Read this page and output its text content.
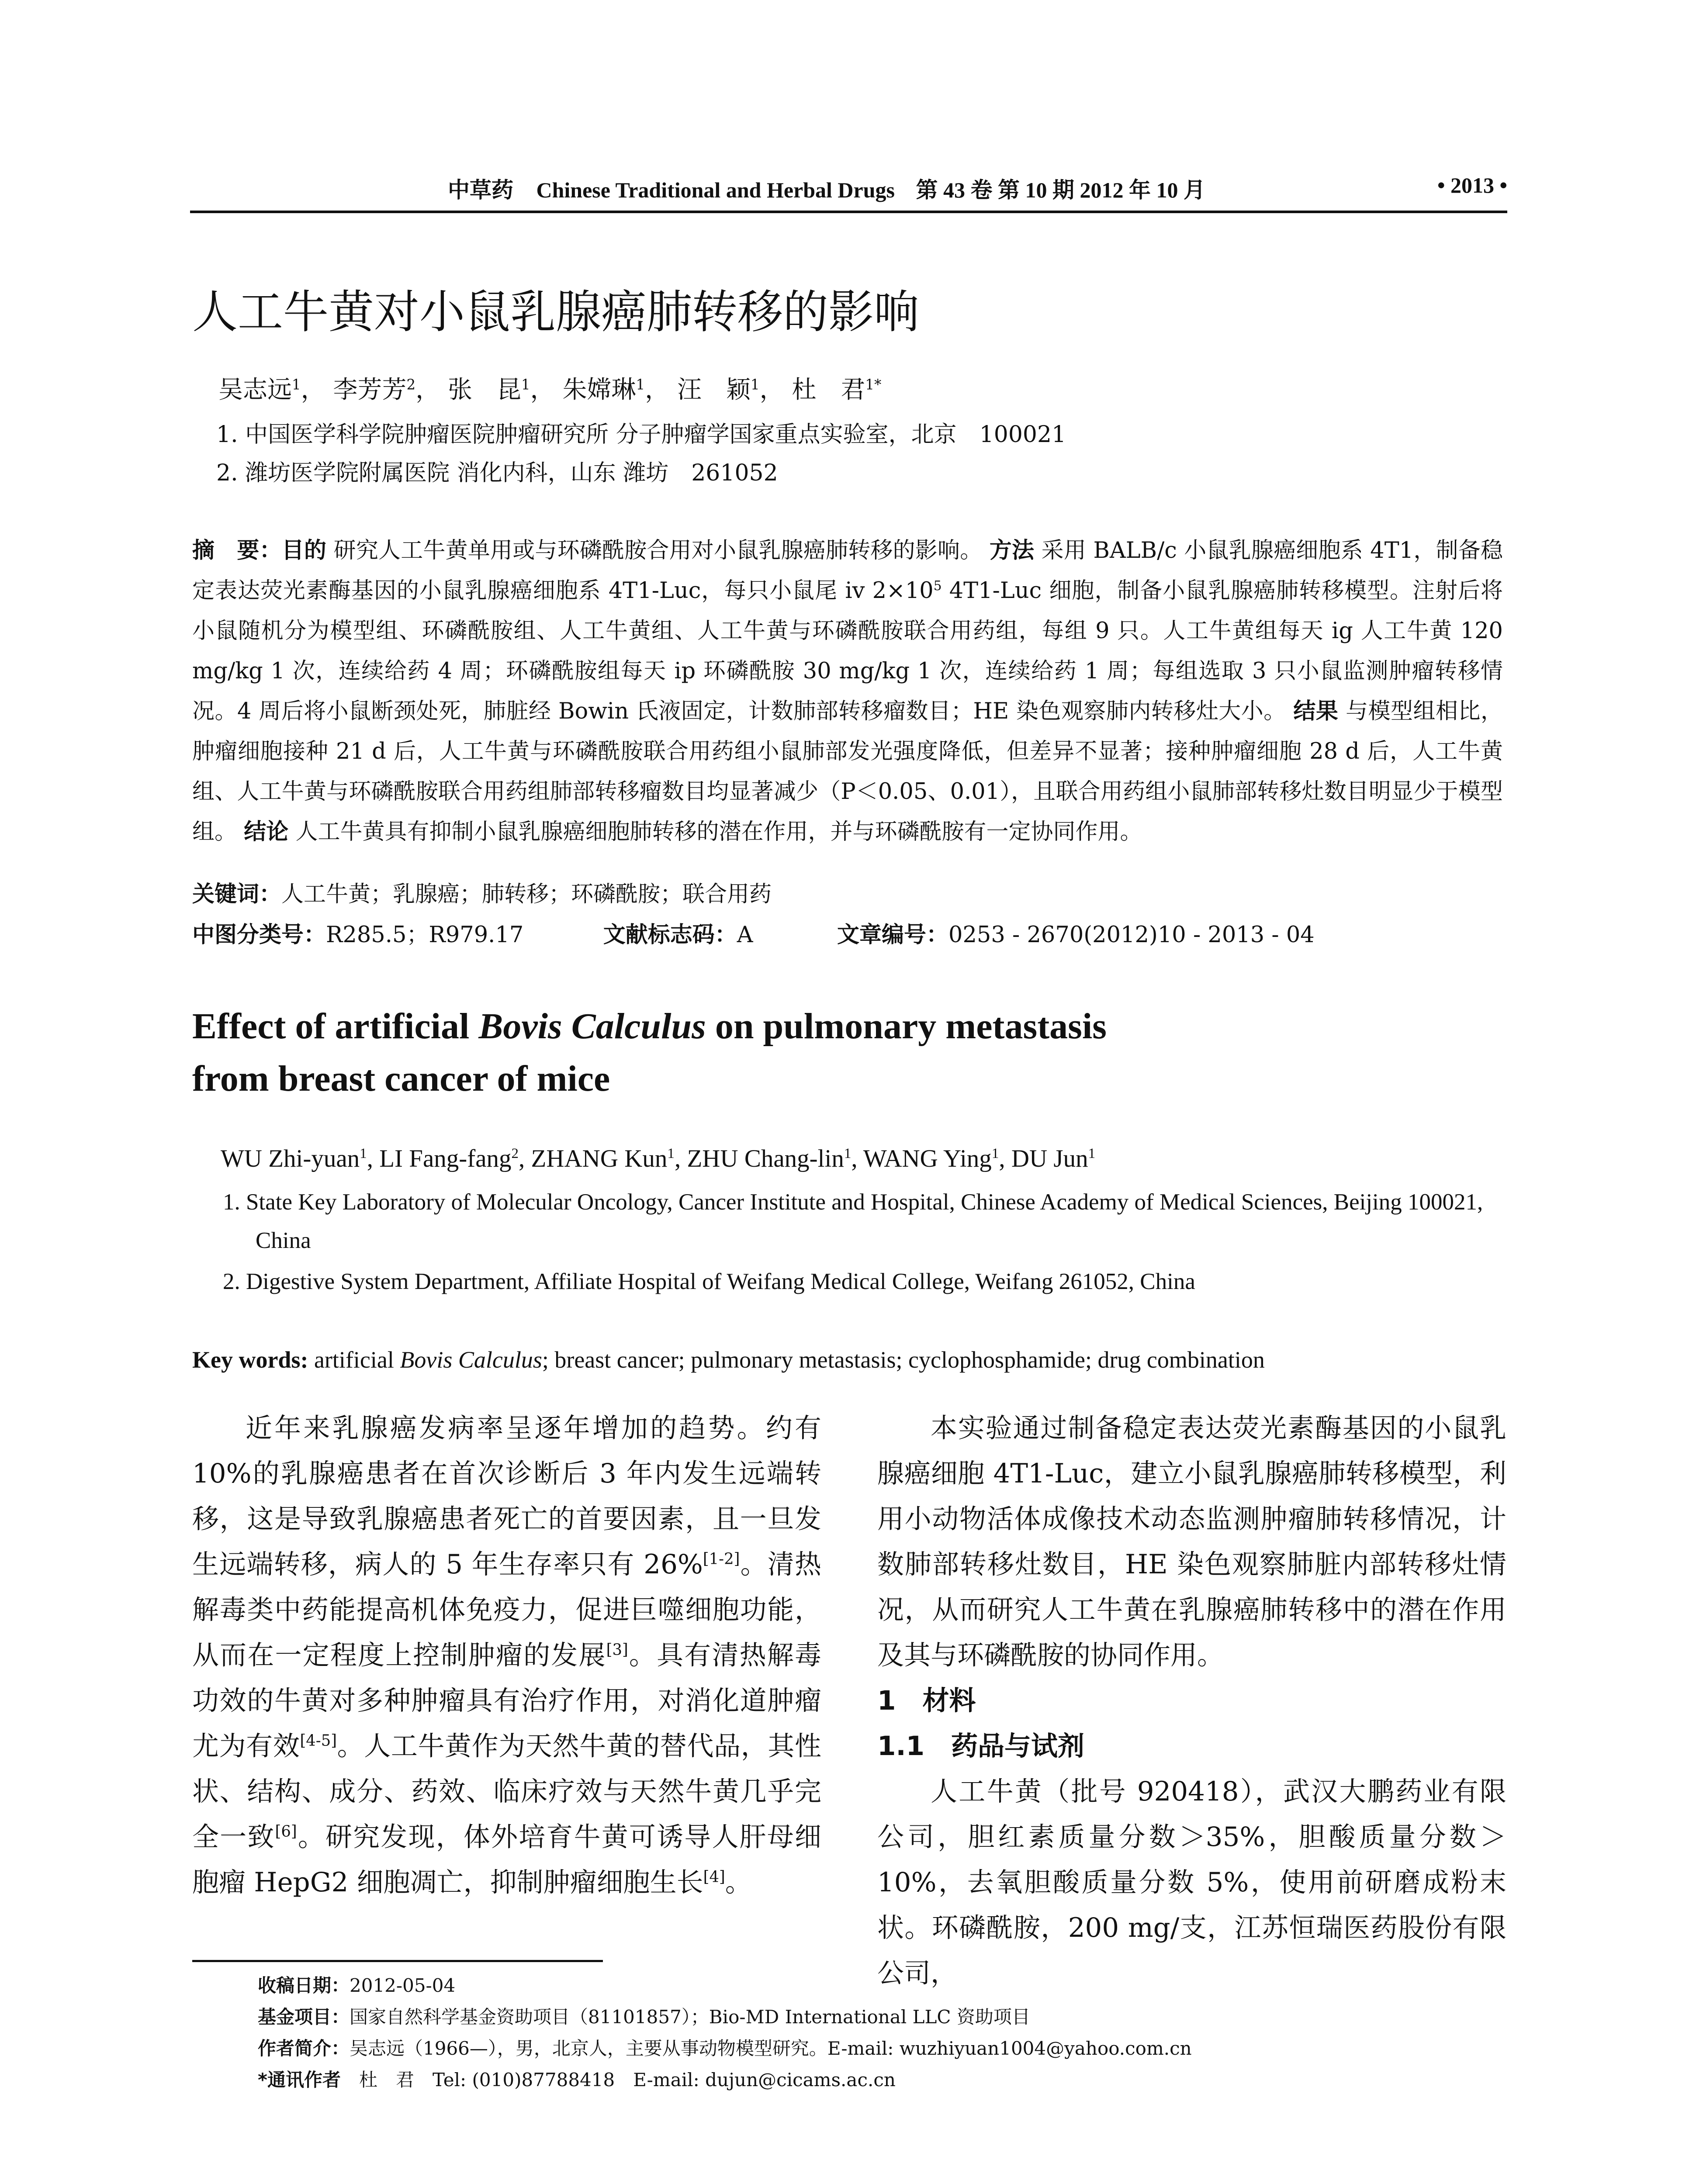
中草药 Chinese Traditional and Herbal Drugs 第 43 卷 第 10 期 2012 年 10 月	• 2013 •
人工牛黄对小鼠乳腺癌肺转移的影响
吴志远$^1$， 李芳芳$^2$， 张　昆$^1$， 朱嫦琳$^1$， 汪　颖$^1$， 杜　君$^{1*}$
1. 中国医学科学院肿瘤医院肿瘤研究所 分子肿瘤学国家重点实验室，北京　100021
2. 潍坊医学院附属医院 消化内科，山东 潍坊　261052
摘　要：目的 研究人工牛黄单用或与环磷酰胺合用对小鼠乳腺癌肺转移的影响。 方法 采用 BALB/c 小鼠乳腺癌细胞系 4T1，制备稳定表达荧光素酶基因的小鼠乳腺癌细胞系 4T1-Luc，每只小鼠尾 iv $2\times 10^5$ 4T1-Luc 细胞，制备小鼠乳腺癌肺转移模型。注射后将小鼠随机分为模型组、环磷酰胺组、人工牛黄组、人工牛黄与环磷酰胺联合用药组，每组 9 只。人工牛黄组每天 ig 人工牛黄 120 mg/kg 1 次，连续给药 4 周；环磷酰胺组每天 ip 环磷酰胺 30 mg/kg 1 次，连续给药 1 周；每组选取 3 只小鼠监测肿瘤转移情况。4 周后将小鼠断颈处死，肺脏经 Bowin 氏液固定，计数肺部转移瘤数目；HE 染色观察肺内转移灶大小。 结果 与模型组相比，肿瘤细胞接种 21 d 后，人工牛黄与环磷酰胺联合用药组小鼠肺部发光强度降低，但差异不显著；接种肿瘤细胞 28 d 后，人工牛黄组、人工牛黄与环磷酰胺联合用药组肺部转移瘤数目均显著减少（P＜0.05、0.01），且联合用药组小鼠肺部转移灶数目明显少于模型组。 结论 人工牛黄具有抑制小鼠乳腺癌细胞肺转移的潜在作用，并与环磷酰胺有一定协同作用。
关键词：人工牛黄；乳腺癌；肺转移；环磷酰胺；联合用药
中图分类号：R285.5；R979.17	文献标志码：A	文章编号：0253 - 2670(2012)10 - 2013 - 04
Effect of artificial Bovis Calculus on pulmonary metastasis
from breast cancer of mice
WU Zhi-yuan$^1$, LI Fang-fang$^2$, ZHANG Kun$^1$, ZHU Chang-lin$^1$, WANG Ying$^1$, DU Jun$^1$
1. State Key Laboratory of Molecular Oncology, Cancer Institute and Hospital, Chinese Academy of Medical Sciences, Beijing 100021, China
2. Digestive System Department, Affiliate Hospital of Weifang Medical College, Weifang 261052, China
Key words: artificial Bovis Calculus; breast cancer; pulmonary metastasis; cyclophosphamide; drug combination

近年来乳腺癌发病率呈逐年增加的趋势。约有 10%的乳腺癌患者在首次诊断后 3 年内发生远端转移，这是导致乳腺癌患者死亡的首要因素，且一旦发生远端转移，病人的 5 年生存率只有 26%[1-2]。清热解毒类中药能提高机体免疫力，促进巨噬细胞功能，从而在一定程度上控制肿瘤的发展[3]。具有清热解毒功效的牛黄对多种肿瘤具有治疗作用，对消化道肿瘤尤为有效[4-5]。人工牛黄作为天然牛黄的替代品，其性状、结构、成分、药效、临床疗效与天然牛黄几乎完全一致[6]。研究发现，体外培育牛黄可诱导人肝母细胞瘤 HepG2 细胞凋亡，抑制肿瘤细胞生长[4]。

本实验通过制备稳定表达荧光素酶基因的小鼠乳腺癌细胞 4T1-Luc，建立小鼠乳腺癌肺转移模型，利用小动物活体成像技术动态监测肿瘤肺转移情况，计数肺部转移灶数目，HE 染色观察肺脏内部转移灶情况，从而研究人工牛黄在乳腺癌肺转移中的潜在作用及其与环磷酰胺的协同作用。

1　材料

1.1　药品与试剂

人工牛黄（批号 920418），武汉大鹏药业有限公司，胆红素质量分数＞35%，胆酸质量分数＞10%，去氧胆酸质量分数 5%，使用前研磨成粉末状。环磷酰胺，200 mg/支，江苏恒瑞医药股份有限公司，

收稿日期：2012-05-04
基金项目：国家自然科学基金资助项目（81101857）；Bio-MD International LLC 资助项目
作者简介：吴志远（1966—），男，北京人，主要从事动物模型研究。E-mail: wuzhiyuan1004@yahoo.com.cn
*通讯作者　 杜　君　Tel: (010)87788418　E-mail: dujun@cicams.ac.cn
